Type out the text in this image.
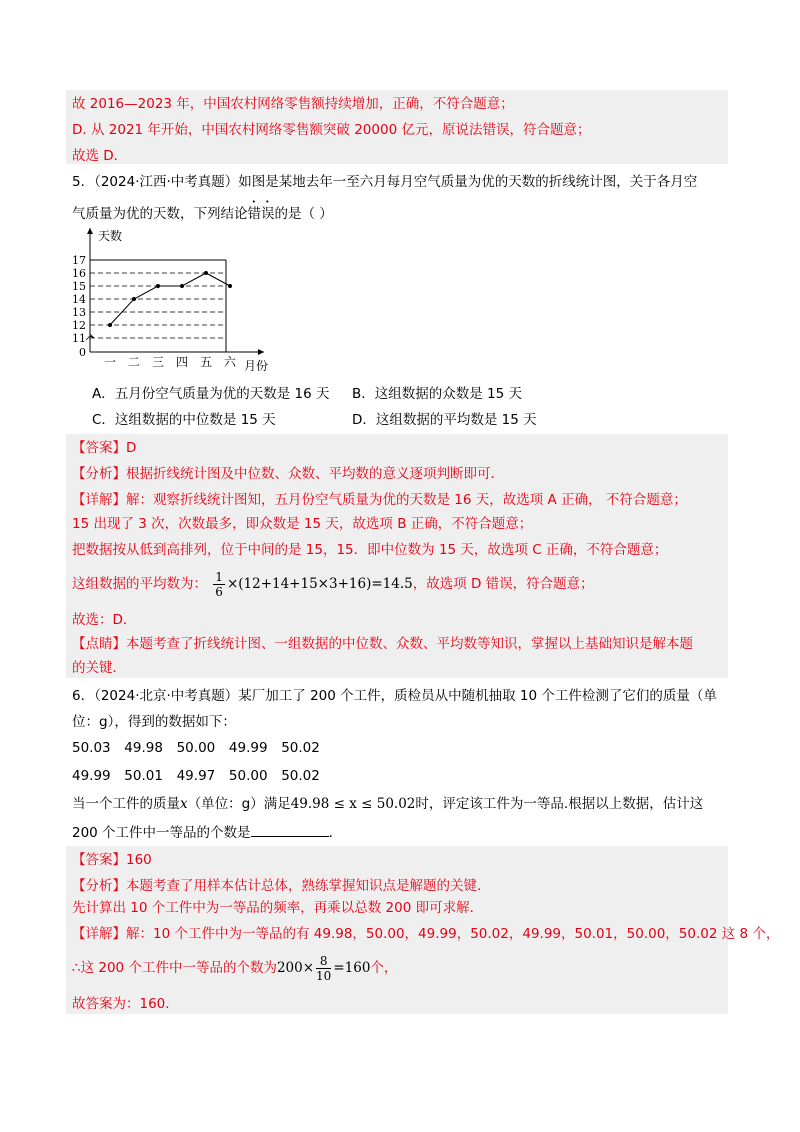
故 2016—2023 年，中国农村网络零售额持续增加，正确，不符合题意；
D. 从 2021 年开始，中国农村网络零售额突破 20000 亿元，原说法错误，符合题意；
故选 D．
5．（2024·江西·中考真题）如图是某地去年一至六月每月空气质量为优的天数的折线统计图，关于各月空
气质量为优的天数，下列结论错误的是（ ）
0
11
12
13
14
15
16
17
一 二 三 四 五 六
天数
月份
A．五月份空气质量为优的天数是 16 天 B．这组数据的众数是 15 天
C．这组数据的中位数是 15 天	D．这组数据的平均数是 15 天
【答案】D
【分析】根据折线统计图及中位数、众数、平均数的意义逐项判断即可．
【详解】解：观察折线统计图知，五月份空气质量为优的天数是 16 天，故选项 A 正确， 不符合题意；
15 出现了 3 次，次数最多，即众数是 15 天，故选项 B 正确，不符合题意；
把数据按从低到高排列，位于中间的是 15，15．即中位数为 15 天，故选项 C 正确，不符合题意；
这组数据的平均数为： $\frac{1}{6} \times(12+14+15\times 3+16)=14.5$，故选项 D 错误，符合题意；
故选：D．
【点睛】本题考查了折线统计图、一组数据的中位数、众数、平均数等知识，掌握以上基础知识是解本题
的关键．
6．（2024·北京·中考真题）某厂加工了 200 个工件，质检员从中随机抽取 10 个工件检测了它们的质量（单
位：g），得到的数据如下：
50.03 49.98 50.00 49.99 50.02
49.99 50.01 49.97 50.00 50.02
当一个工件的质量x（单位：g）满足49.98 ≤ x ≤ 50.02时，评定该工件为一等品.根据以上数据，估计这
200 个工件中一等品的个数是	．
【答案】160
【分析】本题考查了用样本估计总体，熟练掌握知识点是解题的关键．
先计算出 10 个工件中为一等品的频率，再乘以总数 200 即可求解．
【详解】解：10 个工件中为一等品的有 49.98，50.00，49.99，50.02，49.99，50.01，50.00，50.02 这 8 个，
∴这 200 个工件中一等品的个数为$200\times \frac{8}{10} =160$个，
故答案为：160．
